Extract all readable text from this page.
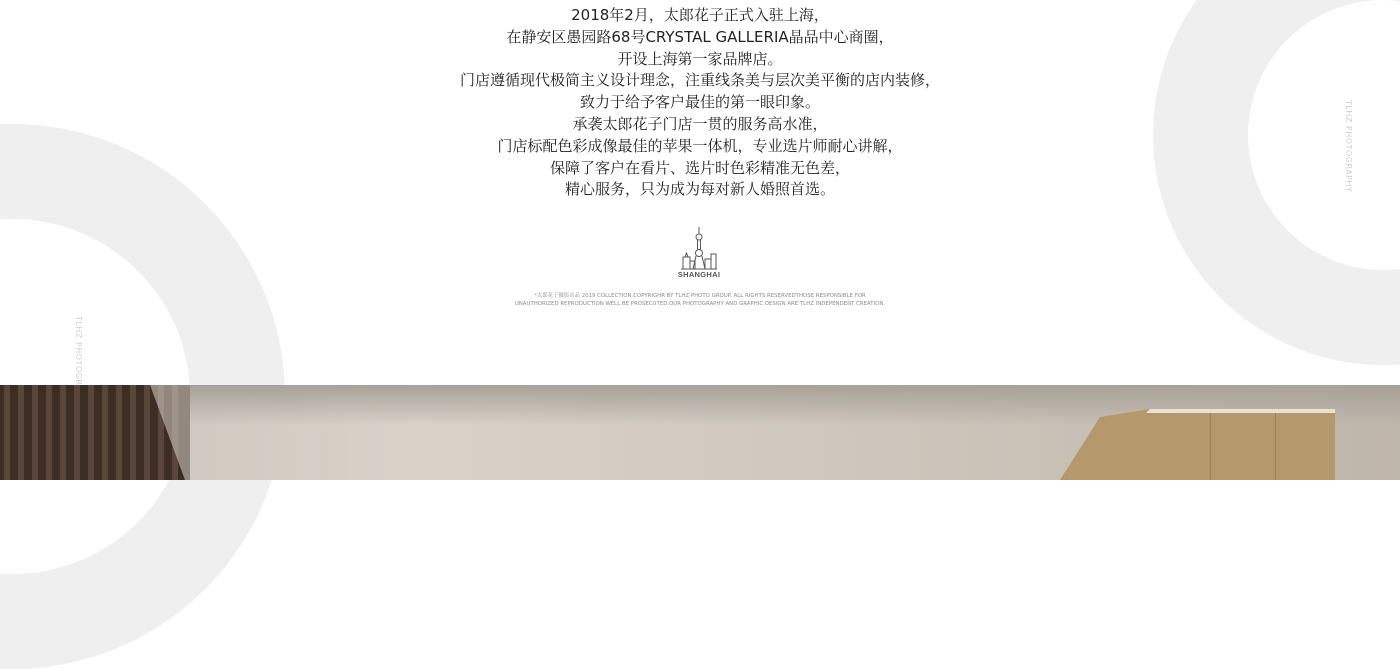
TLHZ PHOTOGR
TLHZ PHOTOGRAPHY
2018年2月，太郎花子正式入驻上海，
在静安区愚园路68号CRYSTAL GALLERIA晶品中心商圈，
开设上海第一家品牌店。
门店遵循现代极简主义设计理念，注重线条美与层次美平衡的店内装修，
致力于给予客户最佳的第一眼印象。
承袭太郎花子门店一贯的服务高水准，
门店标配色彩成像最佳的苹果一体机，专业选片师耐心讲解，
保障了客户在看片、选片时色彩精准无色差，
精心服务，只为成为每对新人婚照首选。
SHANGHAI
*太郎花子摄影出品 2019 COLLECTION.COPYRIGHR BY TLHZ PHOTO GROUP. ALL RIGHTS RESERVEDTHOSE RESPONSIBLE FOR
UNAUTHORIZED REPRODUCTION WELL BE PROSECUTED.OUR PHOTOGRAPHY AND GRAPHIC DESIGN ARE TLHZ INDEPENDENT CREATION.
